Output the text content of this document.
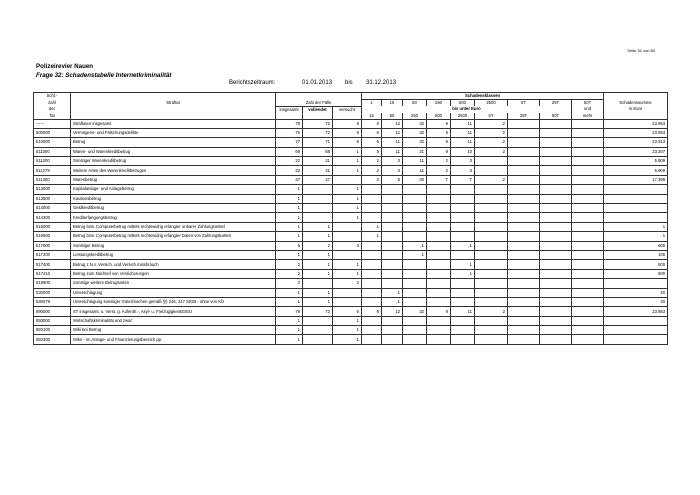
Seite 32 von 80
Polizeirevier Nauen
Frage 32: Schadenstabelle Internetkriminalität
Berichtszeitraum:	01.01.2013 bis 31.12.2013
Schl.-					Schadensklassen									
zahl	Straftat	Zahl der Fälle			1	15	50	250	500	2500	5T	25T	50T	Schadenssumme
der		insgesamt	vollendet	versucht	bis unter Euro								und	in Euro
Tat					15	50	250	500	2500	5T	25T	50T	mehr	
------	Straftaten insgesamt	78	72	6	6	12	32	9	11	2				23.953
500000	Vermögens- und Fälschungsdelikte	76	72	6	6	12	32	9	11	2				23.953
510000	Betrug	77	71	6	6	11	32	9	11	2				23.913
511000	Waren- und Warenkreditbetrug	69	68	1	5	11	31	9	10	2				23.307
511200	Sonstiger Warenkreditbetrug	22	21	1	2	3	11	2	3					5.909
511279	Weitere Arten des Warenkreditbetruges	22	21	1	2	3	11	2	3					5.909
511300	Warenbetrug	47	47		3	8	20	7	7	2				17.398
513000	Kapitalanlage- und Anlagebetrug	1		1										
513500	Kautionsbetrug	1		1										
514000	Geldkreditbetrug	1		1										
514300	Krediterfangungsbetrug	1		1										
516000	Betrug bzw. Computerbetrug mittels rechtswidrig erlangter unbarer Zahlungsmittel	1	1		1									1
516500	Betrug bzw. Computerbetrug mittels rechtswidrig erlangter Daten von Zahlungskarten	1	1		1									1
517000	Sonstiger Betrug	5	2	3			1		1					605
517200	Leistungskreditbetrug	1	1				1							105
517400	Betrug z.N.v. Versich. und Versich.missbrauch	2	1	1					1					500
517410	Betrug zum Nachteil von Versicherungen	2	1	1					1					500
518900	Sonstige weitere Betrugsarten	2		2										
530000	Unterschlagung	1	1			1								40
530079	Unterschlagung sonstiger Güter/Sachen gemäß §§ 246, 247 StGB - ohne von Kfz	1	1			1								40
890000	ST insgesamt, o. Verst. g. Aufenth.-, Asyl- u. FreizügigkeitsG/EU	78	72	6	6	12	32	9	11	2				23.953
893000	Wirtschaftskriminalität und zwar:	1		1										
893100	Wiki bei Betrug	1		1										
893300	Wikri - im Anlage- und Finanzierungsbereich pp.	1		1										
